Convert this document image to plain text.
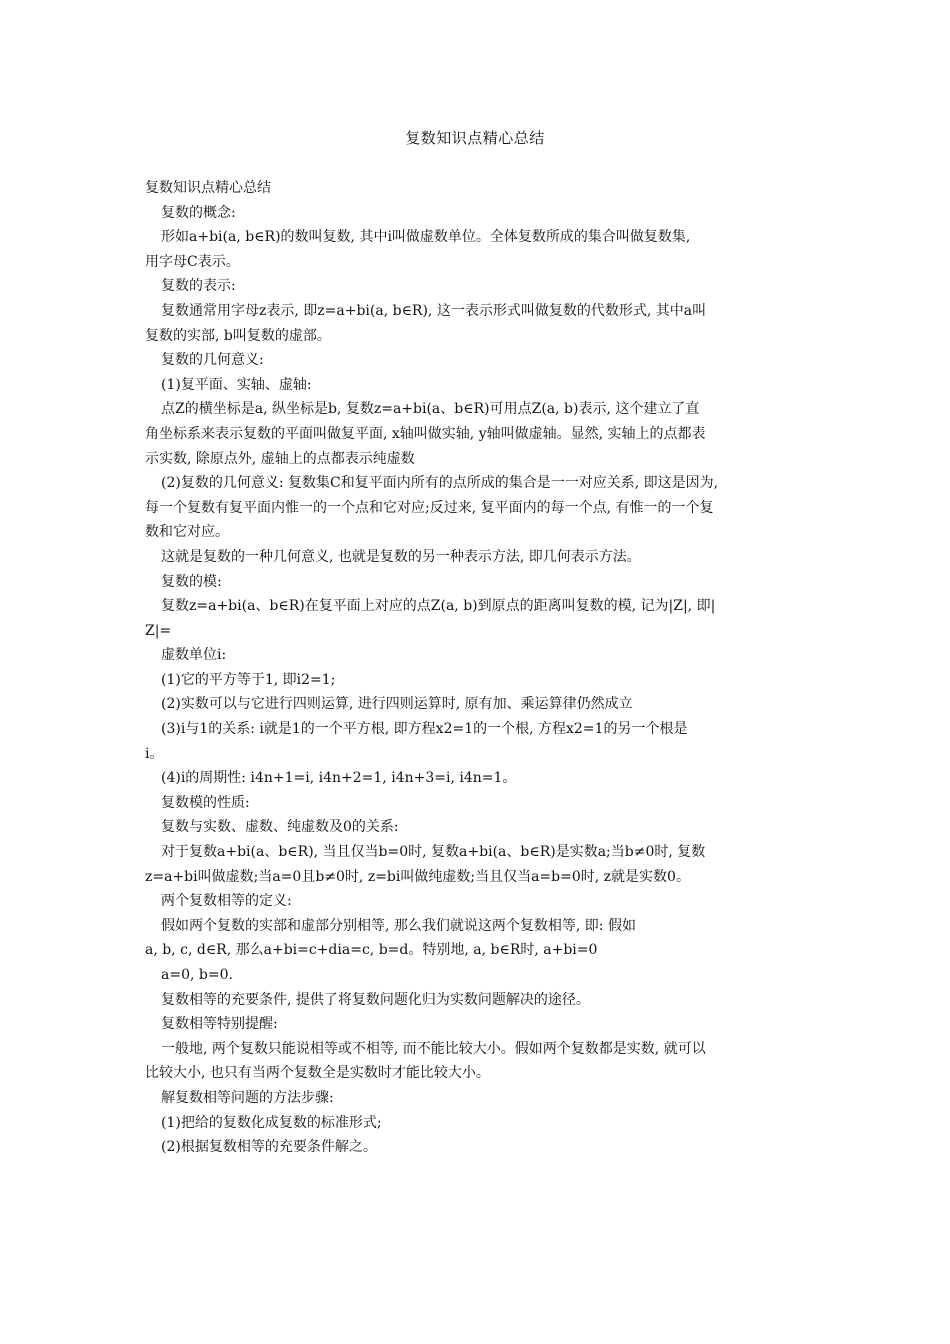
复数知识点精心总结
复数知识点精心总结
复数的概念:
形如a+bi(a, b∈R)的数叫复数, 其中i叫做虚数单位。全体复数所成的集合叫做复数集,
用字母C表示。
复数的表示:
复数通常用字母z表示, 即z=a+bi(a, b∈R), 这一表示形式叫做复数的代数形式, 其中a叫
复数的实部, b叫复数的虚部。
复数的几何意义:
(1)复平面、实轴、虚轴:
点Z的横坐标是a, 纵坐标是b, 复数z=a+bi(a、b∈R)可用点Z(a, b)表示, 这个建立了直
角坐标系来表示复数的平面叫做复平面, x轴叫做实轴, y轴叫做虚轴。显然, 实轴上的点都表
示实数, 除原点外, 虚轴上的点都表示纯虚数
(2)复数的几何意义: 复数集C和复平面内所有的点所成的集合是一一对应关系, 即这是因为,
每一个复数有复平面内惟一的一个点和它对应;反过来, 复平面内的每一个点, 有惟一的一个复
数和它对应。
这就是复数的一种几何意义, 也就是复数的另一种表示方法, 即几何表示方法。
复数的模:
复数z=a+bi(a、b∈R)在复平面上对应的点Z(a, b)到原点的距离叫复数的模, 记为|Z|, 即|
Z|=
虚数单位i:
(1)它的平方等于1, 即i2=1;
(2)实数可以与它进行四则运算, 进行四则运算时, 原有加、乘运算律仍然成立
(3)i与1的关系: i就是1的一个平方根, 即方程x2=1的一个根, 方程x2=1的另一个根是
i。
(4)i的周期性: i4n+1=i, i4n+2=1, i4n+3=i, i4n=1。
复数模的性质:
复数与实数、虚数、纯虚数及0的关系:
对于复数a+bi(a、b∈R), 当且仅当b=0时, 复数a+bi(a、b∈R)是实数a;当b≠0时, 复数
z=a+bi叫做虚数;当a=0且b≠0时, z=bi叫做纯虚数;当且仅当a=b=0时, z就是实数0。
两个复数相等的定义:
假如两个复数的实部和虚部分别相等, 那么我们就说这两个复数相等, 即: 假如
a, b, c, d∈R, 那么a+bi=c+dia=c, b=d。特别地, a, b∈R时, a+bi=0
a=0, b=0.
复数相等的充要条件, 提供了将复数问题化归为实数问题解决的途径。
复数相等特别提醒:
一般地, 两个复数只能说相等或不相等, 而不能比较大小。假如两个复数都是实数, 就可以
比较大小, 也只有当两个复数全是实数时才能比较大小。
解复数相等问题的方法步骤:
(1)把给的复数化成复数的标准形式;
(2)根据复数相等的充要条件解之。
